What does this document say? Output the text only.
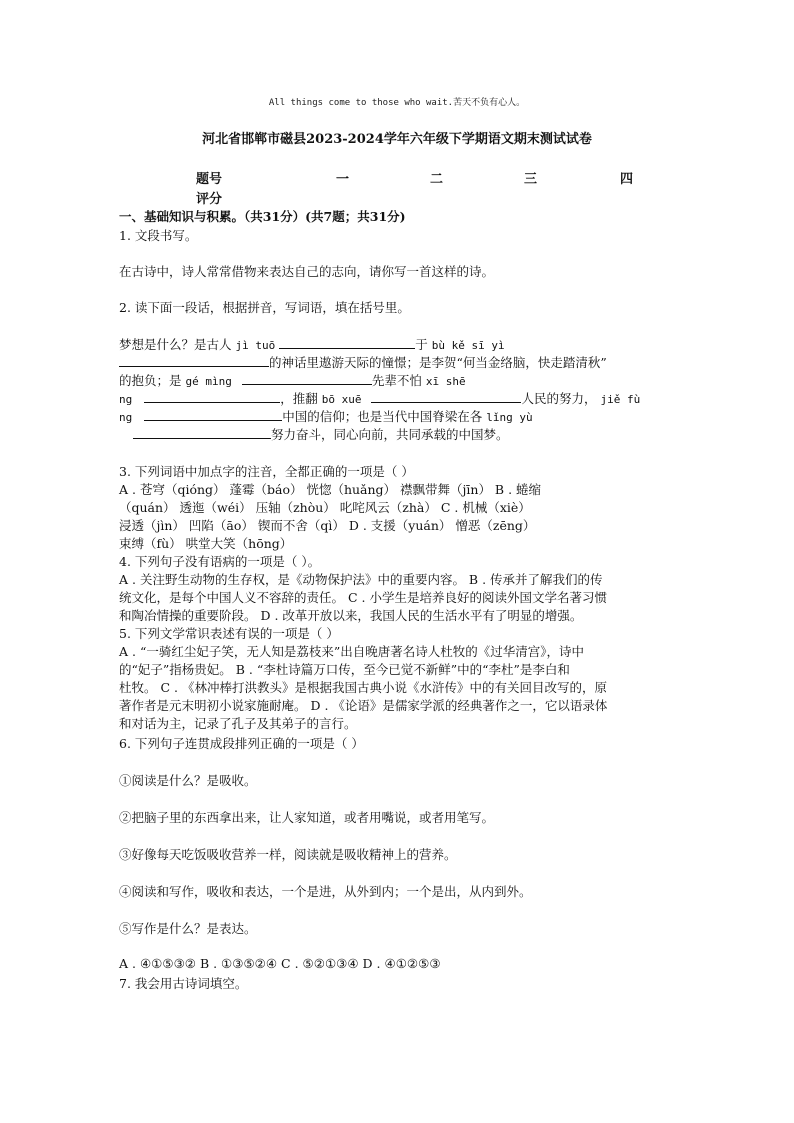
All things come to those who wait.苦天不负有心人。
河北省邯郸市磁县2023-2024学年六年级下学期语文期末测试试卷
题号	一	二	三	四
评分
一、基础知识与积累。（共31分）(共7题；共31分)
1. 文段书写。
在古诗中，诗人常常借物来表达自己的志向，请你写一首这样的诗。
2. 读下面一段话，根据拼音，写词语，填在括号里。
梦想是什么？是古人 jì tuō	于 bù kě sī yì
的神话里遨游天际的憧憬；是李贺“何当金络脑，快走踏清秋”
的抱负；是 gé mìng	先辈不怕 xī shē
ng	，推翻 bō xuē	人民的努力， jiě fù
ng	中国的信仰；也是当代中国脊梁在各 lǐng yù
努力奋斗，同心向前，共同承载的中国梦。
3. 下列词语中加点字的注音，全都正确的一项是（ ）
A . 苍穹（qióng） 蓬霉（báo） 恍惚（huǎng） 襟飘带舞（jīn） B . 蜷缩
（quán） 透迤（wéi） 压轴（zhòu） 叱咤风云（zhà） C . 机械（xiè）
浸透（jìn） 凹陷（āo） 锲而不舍（qì） D . 支援（yuán） 憎恶（zēng）
束缚（fù） 哄堂大笑（hōng）
4. 下列句子没有语病的一项是（ ）。
A . 关注野生动物的生存权，是《动物保护法》中的重要内容。 B . 传承并了解我们的传
统文化，是每个中国人义不容辞的责任。 C . 小学生是培养良好的阅读外国文学名著习惯
和陶冶情操的重要阶段。 D . 改革开放以来，我国人民的生活水平有了明显的增强。
5. 下列文学常识表述有误的一项是（ ）
A . “一骑红尘妃子笑，无人知是荔枝来”出自晚唐著名诗人杜牧的《过华清宫》，诗中
的“妃子”指杨贵妃。 B . “李杜诗篇万口传，至今已觉不新鲜”中的“李杜”是李白和
杜牧。 C . 《林冲棒打洪教头》是根据我国古典小说《水浒传》中的有关回目改写的，原
著作者是元末明初小说家施耐庵。 D . 《论语》是儒家学派的经典著作之一，它以语录体
和对话为主，记录了孔子及其弟子的言行。
6. 下列句子连贯成段排列正确的一项是（ ）
①阅读是什么？是吸收。
②把脑子里的东西拿出来，让人家知道，或者用嘴说，或者用笔写。
③好像每天吃饭吸收营养一样，阅读就是吸收精神上的营养。
④阅读和写作，吸收和表达，一个是进，从外到内；一个是出，从内到外。
⑤写作是什么？是表达。
A . ④①⑤③② B . ①③⑤②④ C . ⑤②①③④ D . ④①②⑤③
7. 我会用古诗词填空。
